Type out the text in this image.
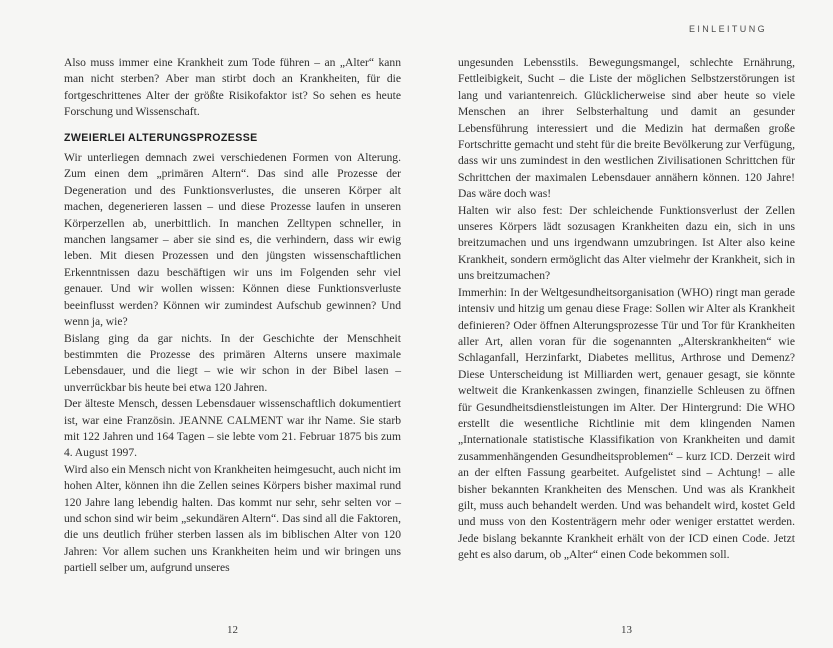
EINLEITUNG

Also muss immer eine Krankheit zum Tode führen – an „Alter“ kann man nicht sterben? Aber man stirbt doch an Krankheiten, für die fortgeschrittenes Alter der größte Risikofaktor ist? So sehen es heute Forschung und Wissenschaft.

ZWEIERLEI ALTERUNGSPROZESSE

Wir unterliegen demnach zwei verschiedenen Formen von Alterung. Zum einen dem „primären Altern“. Das sind alle Prozesse der Degeneration und des Funktionsverlustes, die unseren Körper alt machen, degenerieren lassen – und diese Prozesse laufen in unseren Körperzellen ab, unerbittlich. In manchen Zelltypen schneller, in manchen langsamer – aber sie sind es, die verhindern, dass wir ewig leben. Mit diesen Prozessen und den jüngsten wissenschaftlichen Erkenntnissen dazu beschäftigen wir uns im Folgenden sehr viel genauer. Und wir wollen wissen: Können diese Funktionsverluste beeinflusst werden? Können wir zumindest Aufschub gewinnen? Und wenn ja, wie?

Bislang ging da gar nichts. In der Geschichte der Menschheit bestimmten die Prozesse des primären Alterns unsere maximale Lebensdauer, und die liegt – wie wir schon in der Bibel lasen – unverrückbar bis heute bei etwa 120 Jahren.

Der älteste Mensch, dessen Lebensdauer wissenschaftlich dokumentiert ist, war eine Französin. JEANNE CALMENT war ihr Name. Sie starb mit 122 Jahren und 164 Tagen – sie lebte vom 21. Februar 1875 bis zum 4. August 1997.

Wird also ein Mensch nicht von Krankheiten heimgesucht, auch nicht im hohen Alter, können ihn die Zellen seines Körpers bisher maximal rund 120 Jahre lang lebendig halten. Das kommt nur sehr, sehr selten vor – und schon sind wir beim „sekundären Altern“. Das sind all die Faktoren, die uns deutlich früher sterben lassen als im biblischen Alter von 120 Jahren: Vor allem suchen uns Krankheiten heim und wir bringen uns partiell selber um, aufgrund unseres

12

ungesunden Lebensstils. Bewegungsmangel, schlechte Ernährung, Fettleibigkeit, Sucht – die Liste der möglichen Selbstzerstörungen ist lang und variantenreich. Glücklicherweise sind aber heute so viele Menschen an ihrer Selbsterhaltung und damit an gesunder Lebensführung interessiert und die Medizin hat dermaßen große Fortschritte gemacht und steht für die breite Bevölkerung zur Verfügung, dass wir uns zumindest in den westlichen Zivilisationen Schrittchen für Schrittchen der maximalen Lebensdauer annähern können. 120 Jahre! Das wäre doch was!

Halten wir also fest: Der schleichende Funktionsverlust der Zellen unseres Körpers lädt sozusagen Krankheiten dazu ein, sich in uns breitzumachen und uns irgendwann umzubringen. Ist Alter also keine Krankheit, sondern ermöglicht das Alter vielmehr der Krankheit, sich in uns breitzumachen?

Immerhin: In der Weltgesundheitsorganisation (WHO) ringt man gerade intensiv und hitzig um genau diese Frage: Sollen wir Alter als Krankheit definieren? Oder öffnen Alterungsprozesse Tür und Tor für Krankheiten aller Art, allen voran für die sogenannten „Alterskrankheiten“ wie Schlaganfall, Herzinfarkt, Diabetes mellitus, Arthrose und Demenz? Diese Unterscheidung ist Milliarden wert, genauer gesagt, sie könnte weltweit die Krankenkassen zwingen, finanzielle Schleusen zu öffnen für Gesundheitsdienstleistungen im Alter. Der Hintergrund: Die WHO erstellt die wesentliche Richtlinie mit dem klingenden Namen „Internationale statistische Klassifikation von Krankheiten und damit zusammenhängenden Gesundheitsproblemen“ – kurz ICD. Derzeit wird an der elften Fassung gearbeitet. Aufgelistet sind – Achtung! – alle bisher bekannten Krankheiten des Menschen. Und was als Krankheit gilt, muss auch behandelt werden. Und was behandelt wird, kostet Geld und muss von den Kostenträgern mehr oder weniger erstattet werden. Jede bislang bekannte Krankheit erhält von der ICD einen Code. Jetzt geht es also darum, ob „Alter“ einen Code bekommen soll.

13
